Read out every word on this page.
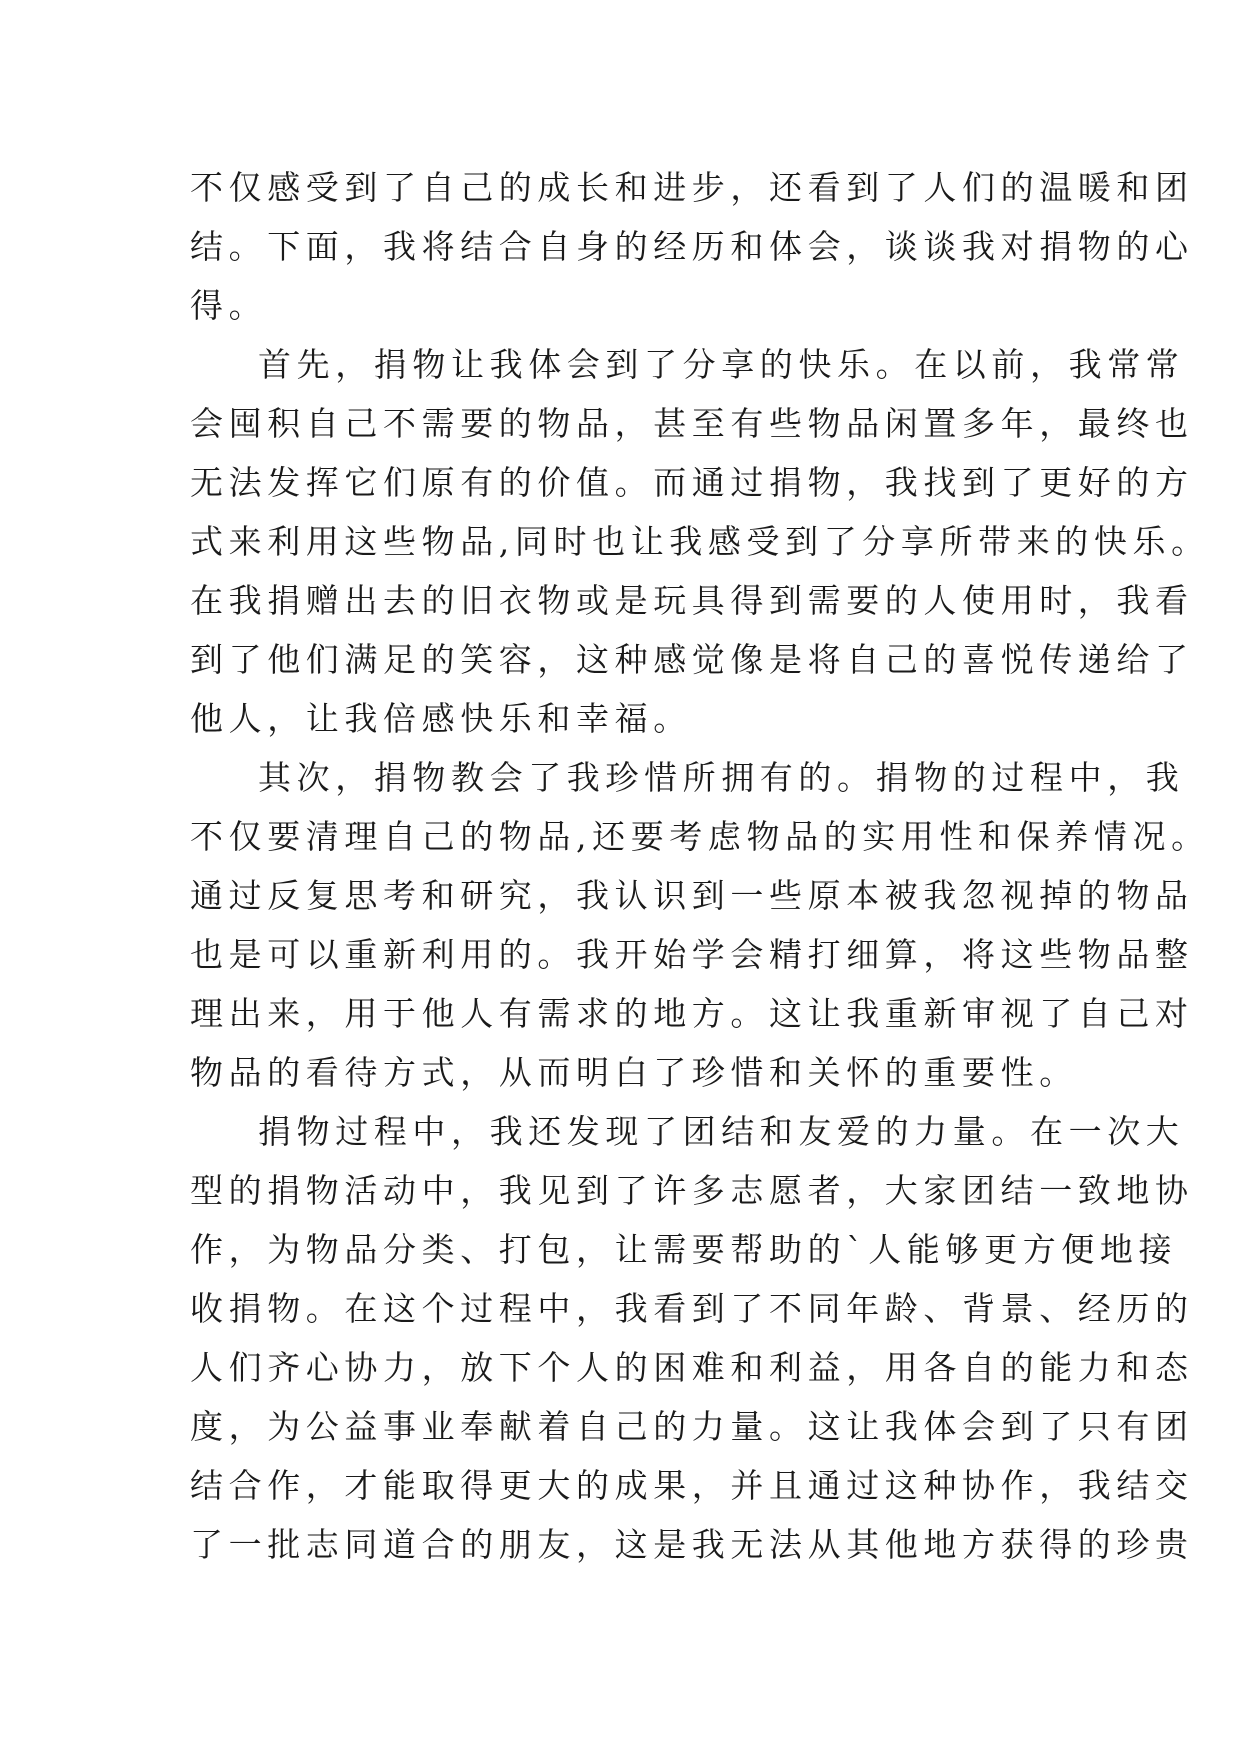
不仅感受到了自己的成长和进步，还看到了人们的温暖和团
结。下面，我将结合自身的经历和体会，谈谈我对捐物的心
得。
首先，捐物让我体会到了分享的快乐。在以前，我常常
会囤积自己不需要的物品，甚至有些物品闲置多年，最终也
无法发挥它们原有的价值。而通过捐物，我找到了更好的方
式来利用这些物品,同时也让我感受到了分享所带来的快乐。
在我捐赠出去的旧衣物或是玩具得到需要的人使用时，我看
到了他们满足的笑容，这种感觉像是将自己的喜悦传递给了
他人，让我倍感快乐和幸福。
其次，捐物教会了我珍惜所拥有的。捐物的过程中，我
不仅要清理自己的物品,还要考虑物品的实用性和保养情况。
通过反复思考和研究，我认识到一些原本被我忽视掉的物品
也是可以重新利用的。我开始学会精打细算，将这些物品整
理出来，用于他人有需求的地方。这让我重新审视了自己对
物品的看待方式，从而明白了珍惜和关怀的重要性。
捐物过程中，我还发现了团结和友爱的力量。在一次大
型的捐物活动中，我见到了许多志愿者，大家团结一致地协
作，为物品分类、打包，让需要帮助的`人能够更方便地接
收捐物。在这个过程中，我看到了不同年龄、背景、经历的
人们齐心协力，放下个人的困难和利益，用各自的能力和态
度，为公益事业奉献着自己的力量。这让我体会到了只有团
结合作，才能取得更大的成果，并且通过这种协作，我结交
了一批志同道合的朋友，这是我无法从其他地方获得的珍贵
